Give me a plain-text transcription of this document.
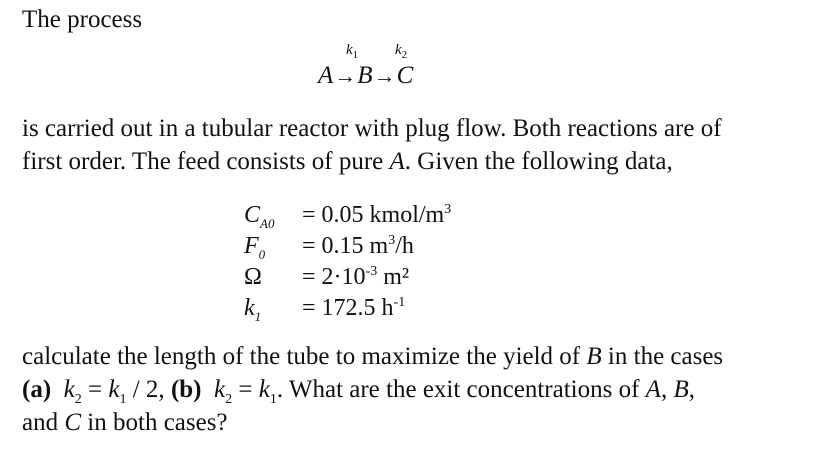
The process
$k_1$ $k_2$
A→B→C
is carried out in a tubular reactor with plug flow. Both reactions are of
first order. The feed consists of pure A. Given the following data,
$C_{A0} = 0.05$ kmol/$m^3$
$F_0 = 0.15$ $m^3/h$
$\Omega = 2\cdot 10^{-3}$ m²
$k_1 = 172.5$ $h^{-1}$
calculate the length of the tube to maximize the yield of B in the cases
(a) $k_2 = k_1 / 2$, (b) $k_2 = k_1$. What are the exit concentrations of A, B,
and C in both cases?
